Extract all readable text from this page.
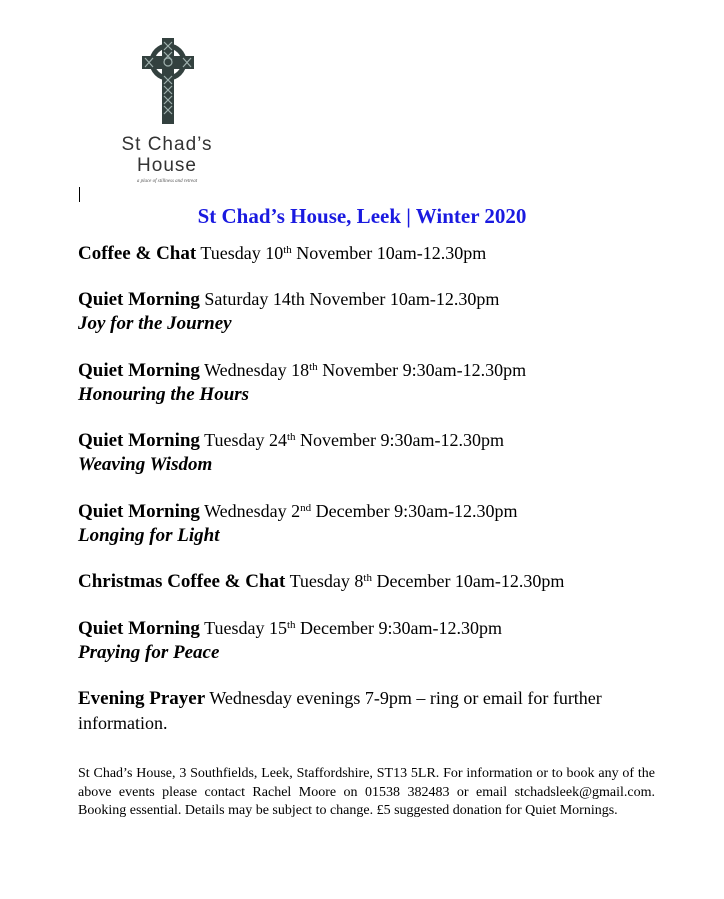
St Chad’s
House
a place of stillness and retreat
St Chad’s House, Leek | Winter 2020
Coffee & Chat Tuesday 10th November 10am-12.30pm
Quiet Morning Saturday 14th November 10am-12.30pm
Joy for the Journey
Quiet Morning Wednesday 18th November 9:30am-12.30pm
Honouring the Hours
Quiet Morning Tuesday 24th November 9:30am-12.30pm
Weaving Wisdom
Quiet Morning Wednesday 2nd December 9:30am-12.30pm
Longing for Light
Christmas Coffee & Chat Tuesday 8th December 10am-12.30pm
Quiet Morning Tuesday 15th December 9:30am-12.30pm
Praying for Peace
Evening Prayer Wednesday evenings 7-9pm – ring or email for further
information.
St Chad’s House, 3 Southfields, Leek, Staffordshire, ST13 5LR. For information or to book any of the above events please contact Rachel Moore on 01538 382483 or email stchadsleek@gmail.com. Booking essential. Details may be subject to change. £5 suggested donation for Quiet Mornings.
